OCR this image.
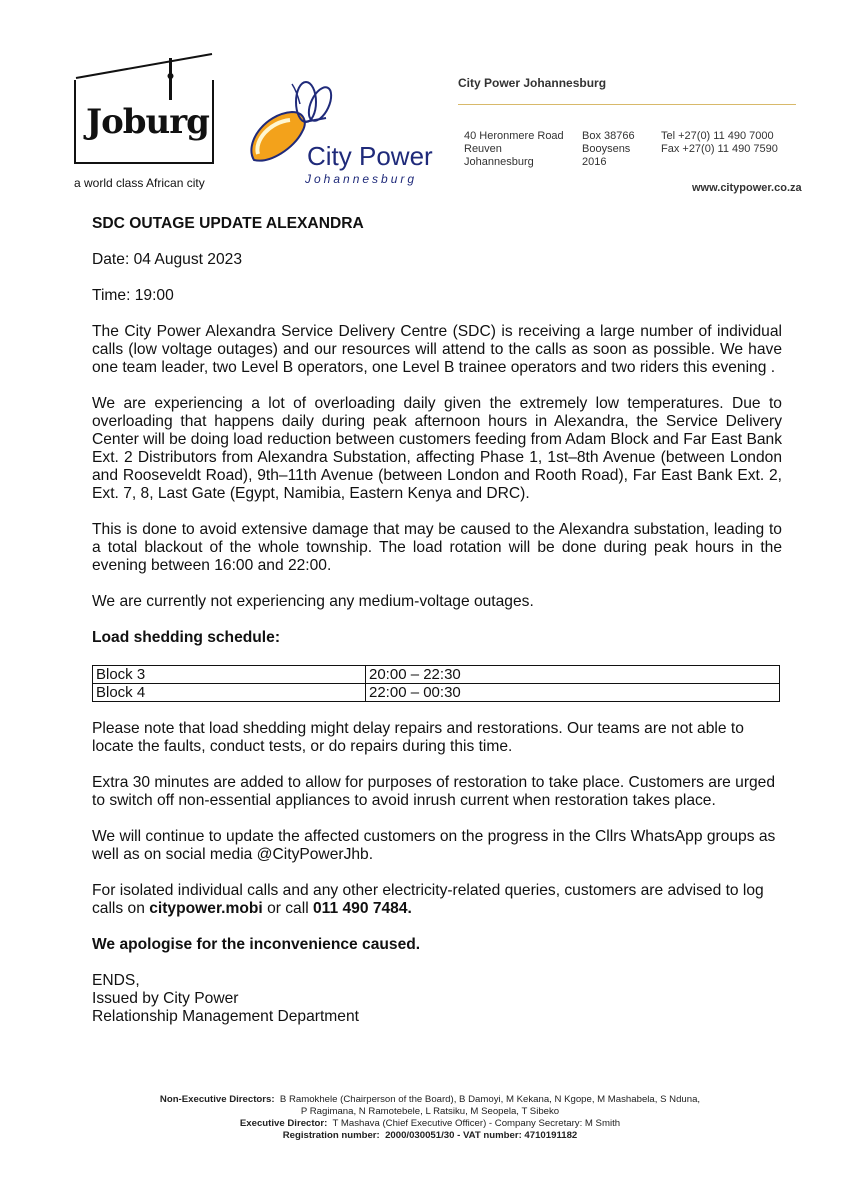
Joburg
a world class African city
City Power
Johannesburg
City Power Johannesburg
40 Heronmere Road
Reuven
Johannesburg
Box 38766
Booysens
2016
Tel +27(0) 11 490 7000
Fax +27(0) 11 490 7590
www.citypower.co.za

SDC OUTAGE UPDATE ALEXANDRA

Date: 04 August 2023

Time: 19:00

The City Power Alexandra Service Delivery Centre (SDC) is receiving a large number of individual calls (low voltage outages) and our resources will attend to the calls as soon as possible. We have one team leader, two Level B operators, one Level B trainee operators and two riders this evening .

We are experiencing a lot of overloading daily given the extremely low temperatures. Due to overloading that happens daily during peak afternoon hours in Alexandra, the Service Delivery Center will be doing load reduction between customers feeding from Adam Block and Far East Bank Ext. 2 Distributors from Alexandra Substation, affecting Phase 1, 1st–8th Avenue (between London and Rooseveldt Road), 9th–11th Avenue (between London and Rooth Road), Far East Bank Ext. 2, Ext. 7, 8, Last Gate (Egypt, Namibia, Eastern Kenya and DRC).

This is done to avoid extensive damage that may be caused to the Alexandra substation, leading to a total blackout of the whole township. The load rotation will be done during peak hours in the evening between 16:00 and 22:00.

We are currently not experiencing any medium-voltage outages.

Load shedding schedule:

Block 3	20:00 – 22:30
Block 4	22:00 – 00:30

Please note that load shedding might delay repairs and restorations. Our teams are not able to locate the faults, conduct tests, or do repairs during this time.

Extra 30 minutes are added to allow for purposes of restoration to take place. Customers are urged to switch off non-essential appliances to avoid inrush current when restoration takes place.

We will continue to update the affected customers on the progress in the Cllrs WhatsApp groups as well as on social media @CityPowerJhb.

For isolated individual calls and any other electricity-related queries, customers are advised to log calls on citypower.mobi or call 011 490 7484.

We apologise for the inconvenience caused.

ENDS,

Issued by City Power

Relationship Management Department

Non-Executive Directors: B Ramokhele (Chairperson of the Board), B Damoyi, M Kekana, N Kgope, M Mashabela, S Nduna,
P Ragimana, N Ramotebele, L Ratsiku, M Seopela, T Sibeko
Executive Director: T Mashava (Chief Executive Officer) - Company Secretary: M Smith
Registration number: 2000/030051/30 - VAT number: 4710191182
